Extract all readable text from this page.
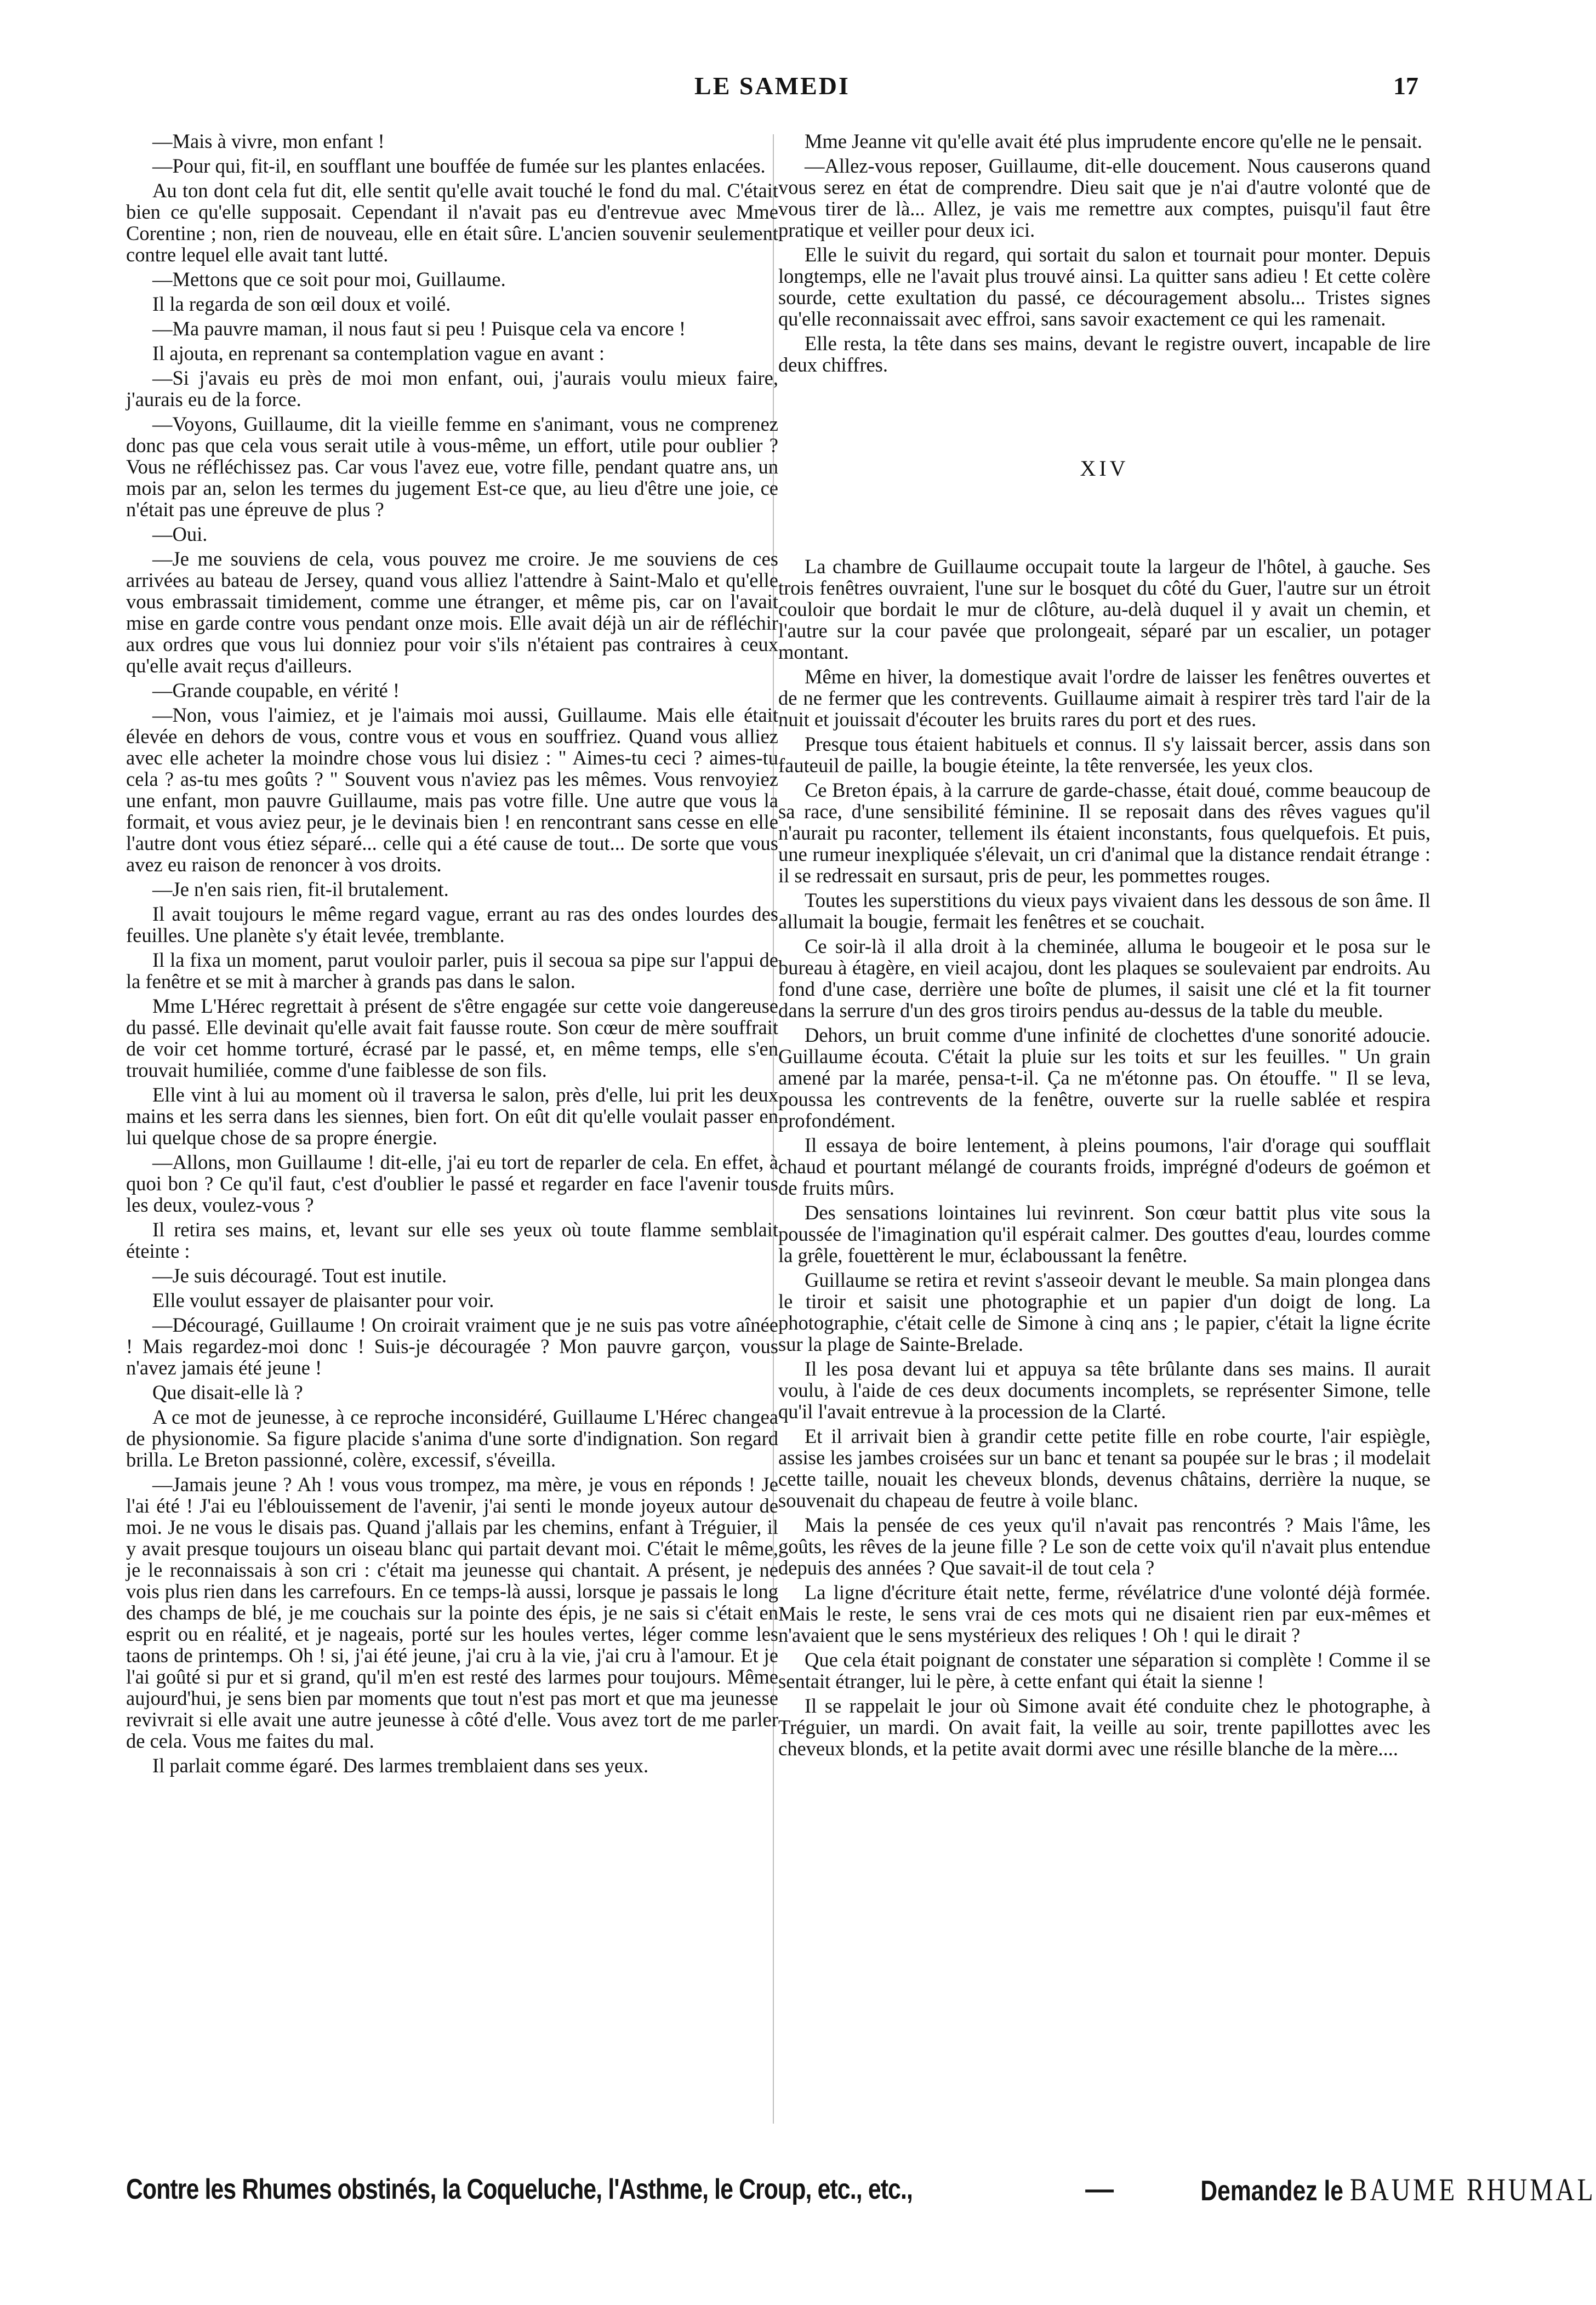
LE SAMEDI	17

—Mais à vivre, mon enfant !

—Pour qui, fit-il, en soufflant une bouffée de fumée sur les plantes enlacées.

Au ton dont cela fut dit, elle sentit qu'elle avait touché le fond du mal. C'était bien ce qu'elle supposait. Cependant il n'avait pas eu d'entrevue avec Mme Corentine ; non, rien de nouveau, elle en était sûre. L'ancien souvenir seulement contre lequel elle avait tant lutté.

—Mettons que ce soit pour moi, Guillaume.

Il la regarda de son œil doux et voilé.

—Ma pauvre maman, il nous faut si peu ! Puisque cela va encore !

Il ajouta, en reprenant sa contemplation vague en avant :

—Si j'avais eu près de moi mon enfant, oui, j'aurais voulu mieux faire, j'aurais eu de la force.

—Voyons, Guillaume, dit la vieille femme en s'animant, vous ne comprenez donc pas que cela vous serait utile à vous-même, un effort, utile pour oublier ? Vous ne réfléchissez pas. Car vous l'avez eue, votre fille, pendant quatre ans, un mois par an, selon les termes du jugement Est-ce que, au lieu d'être une joie, ce n'était pas une épreuve de plus ?

—Oui.

—Je me souviens de cela, vous pouvez me croire. Je me souviens de ces arrivées au bateau de Jersey, quand vous alliez l'attendre à Saint-Malo et qu'elle vous embrassait timidement, comme une étranger, et même pis, car on l'avait mise en garde contre vous pendant onze mois. Elle avait déjà un air de réfléchir aux ordres que vous lui donniez pour voir s'ils n'étaient pas contraires à ceux qu'elle avait reçus d'ailleurs.

—Grande coupable, en vérité !

—Non, vous l'aimiez, et je l'aimais moi aussi, Guillaume. Mais elle était élevée en dehors de vous, contre vous et vous en souffriez. Quand vous alliez avec elle acheter la moindre chose vous lui disiez : " Aimes-tu ceci ? aimes-tu cela ? as-tu mes goûts ? " Souvent vous n'aviez pas les mêmes. Vous renvoyiez une enfant, mon pauvre Guillaume, mais pas votre fille. Une autre que vous la formait, et vous aviez peur, je le devinais bien ! en rencontrant sans cesse en elle l'autre dont vous étiez séparé... celle qui a été cause de tout... De sorte que vous avez eu raison de renoncer à vos droits.

—Je n'en sais rien, fit-il brutalement.

Il avait toujours le même regard vague, errant au ras des ondes lourdes des feuilles. Une planète s'y était levée, tremblante.

Il la fixa un moment, parut vouloir parler, puis il secoua sa pipe sur l'appui de la fenêtre et se mit à marcher à grands pas dans le salon.

Mme L'Hérec regrettait à présent de s'être engagée sur cette voie dangereuse du passé. Elle devinait qu'elle avait fait fausse route. Son cœur de mère souffrait de voir cet homme torturé, écrasé par le passé, et, en même temps, elle s'en trouvait humiliée, comme d'une faiblesse de son fils.

Elle vint à lui au moment où il traversa le salon, près d'elle, lui prit les deux mains et les serra dans les siennes, bien fort. On eût dit qu'elle voulait passer en lui quelque chose de sa propre énergie.

—Allons, mon Guillaume ! dit-elle, j'ai eu tort de reparler de cela. En effet, à quoi bon ? Ce qu'il faut, c'est d'oublier le passé et regarder en face l'avenir tous les deux, voulez-vous ?

Il retira ses mains, et, levant sur elle ses yeux où toute flamme semblait éteinte :

—Je suis découragé. Tout est inutile.

Elle voulut essayer de plaisanter pour voir.

—Découragé, Guillaume ! On croirait vraiment que je ne suis pas votre aînée ! Mais regardez-moi donc ! Suis-je découragée ? Mon pauvre garçon, vous n'avez jamais été jeune !

Que disait-elle là ?

A ce mot de jeunesse, à ce reproche inconsidéré, Guillaume L'Hérec changea de physionomie. Sa figure placide s'anima d'une sorte d'indignation. Son regard brilla. Le Breton passionné, colère, excessif, s'éveilla.

—Jamais jeune ? Ah ! vous vous trompez, ma mère, je vous en réponds ! Je l'ai été ! J'ai eu l'éblouissement de l'avenir, j'ai senti le monde joyeux autour de moi. Je ne vous le disais pas. Quand j'allais par les chemins, enfant à Tréguier, il y avait presque toujours un oiseau blanc qui partait devant moi. C'était le même, je le reconnaissais à son cri : c'était ma jeunesse qui chantait. A présent, je ne vois plus rien dans les carrefours. En ce temps-là aussi, lorsque je passais le long des champs de blé, je me couchais sur la pointe des épis, je ne sais si c'était en esprit ou en réalité, et je nageais, porté sur les houles vertes, léger comme les taons de printemps. Oh ! si, j'ai été jeune, j'ai cru à la vie, j'ai cru à l'amour. Et je l'ai goûté si pur et si grand, qu'il m'en est resté des larmes pour toujours. Même aujourd'hui, je sens bien par moments que tout n'est pas mort et que ma jeunesse revivrait si elle avait une autre jeunesse à côté d'elle. Vous avez tort de me parler de cela. Vous me faites du mal.

Il parlait comme égaré. Des larmes tremblaient dans ses yeux.

Mme Jeanne vit qu'elle avait été plus imprudente encore qu'elle ne le pensait.

—Allez-vous reposer, Guillaume, dit-elle doucement. Nous causerons quand vous serez en état de comprendre. Dieu sait que je n'ai d'autre volonté que de vous tirer de là... Allez, je vais me remettre aux comptes, puisqu'il faut être pratique et veiller pour deux ici.

Elle le suivit du regard, qui sortait du salon et tournait pour monter. Depuis longtemps, elle ne l'avait plus trouvé ainsi. La quitter sans adieu ! Et cette colère sourde, cette exultation du passé, ce découragement absolu... Tristes signes qu'elle reconnaissait avec effroi, sans savoir exactement ce qui les ramenait.

Elle resta, la tête dans ses mains, devant le registre ouvert, incapable de lire deux chiffres.

XIV

La chambre de Guillaume occupait toute la largeur de l'hôtel, à gauche. Ses trois fenêtres ouvraient, l'une sur le bosquet du côté du Guer, l'autre sur un étroit couloir que bordait le mur de clôture, au-delà duquel il y avait un chemin, et l'autre sur la cour pavée que prolongeait, séparé par un escalier, un potager montant.

Même en hiver, la domestique avait l'ordre de laisser les fenêtres ouvertes et de ne fermer que les contrevents. Guillaume aimait à respirer très tard l'air de la nuit et jouissait d'écouter les bruits rares du port et des rues.

Presque tous étaient habituels et connus. Il s'y laissait bercer, assis dans son fauteuil de paille, la bougie éteinte, la tête renversée, les yeux clos.

Ce Breton épais, à la carrure de garde-chasse, était doué, comme beaucoup de sa race, d'une sensibilité féminine. Il se reposait dans des rêves vagues qu'il n'aurait pu raconter, tellement ils étaient inconstants, fous quelquefois. Et puis, une rumeur inexpliquée s'élevait, un cri d'animal que la distance rendait étrange : il se redressait en sursaut, pris de peur, les pommettes rouges.

Toutes les superstitions du vieux pays vivaient dans les dessous de son âme. Il allumait la bougie, fermait les fenêtres et se couchait.

Ce soir-là il alla droit à la cheminée, alluma le bougeoir et le posa sur le bureau à étagère, en vieil acajou, dont les plaques se soulevaient par endroits. Au fond d'une case, derrière une boîte de plumes, il saisit une clé et la fit tourner dans la serrure d'un des gros tiroirs pendus au-dessus de la table du meuble.

Dehors, un bruit comme d'une infinité de clochettes d'une sonorité adoucie. Guillaume écouta. C'était la pluie sur les toits et sur les feuilles. " Un grain amené par la marée, pensa-t-il. Ça ne m'étonne pas. On étouffe. " Il se leva, poussa les contrevents de la fenêtre, ouverte sur la ruelle sablée et respira profondément.

Il essaya de boire lentement, à pleins poumons, l'air d'orage qui soufflait chaud et pourtant mélangé de courants froids, imprégné d'odeurs de goémon et de fruits mûrs.

Des sensations lointaines lui revinrent. Son cœur battit plus vite sous la poussée de l'imagination qu'il espérait calmer. Des gouttes d'eau, lourdes comme la grêle, fouettèrent le mur, éclaboussant la fenêtre.

Guillaume se retira et revint s'asseoir devant le meuble. Sa main plongea dans le tiroir et saisit une photographie et un papier d'un doigt de long. La photographie, c'était celle de Simone à cinq ans ; le papier, c'était la ligne écrite sur la plage de Sainte-Brelade.

Il les posa devant lui et appuya sa tête brûlante dans ses mains. Il aurait voulu, à l'aide de ces deux documents incomplets, se représenter Simone, telle qu'il l'avait entrevue à la procession de la Clarté.

Et il arrivait bien à grandir cette petite fille en robe courte, l'air espiègle, assise les jambes croisées sur un banc et tenant sa poupée sur le bras ; il modelait cette taille, nouait les cheveux blonds, devenus châtains, derrière la nuque, se souvenait du chapeau de feutre à voile blanc.

Mais la pensée de ces yeux qu'il n'avait pas rencontrés ? Mais l'âme, les goûts, les rêves de la jeune fille ? Le son de cette voix qu'il n'avait plus entendue depuis des années ? Que savait-il de tout cela ?

La ligne d'écriture était nette, ferme, révélatrice d'une volonté déjà formée. Mais le reste, le sens vrai de ces mots qui ne disaient rien par eux-mêmes et n'avaient que le sens mystérieux des reliques ! Oh ! qui le dirait ?

Que cela était poignant de constater une séparation si complète ! Comme il se sentait étranger, lui le père, à cette enfant qui était la sienne !

Il se rappelait le jour où Simone avait été conduite chez le photographe, à Tréguier, un mardi. On avait fait, la veille au soir, trente papillottes avec les cheveux blonds, et la petite avait dormi avec une résille blanche de la mère....

Contre les Rhumes obstinés, la Coqueluche, l'Asthme, le Croup, etc., etc.,	—	Demandez le BAUME RHUMAL
